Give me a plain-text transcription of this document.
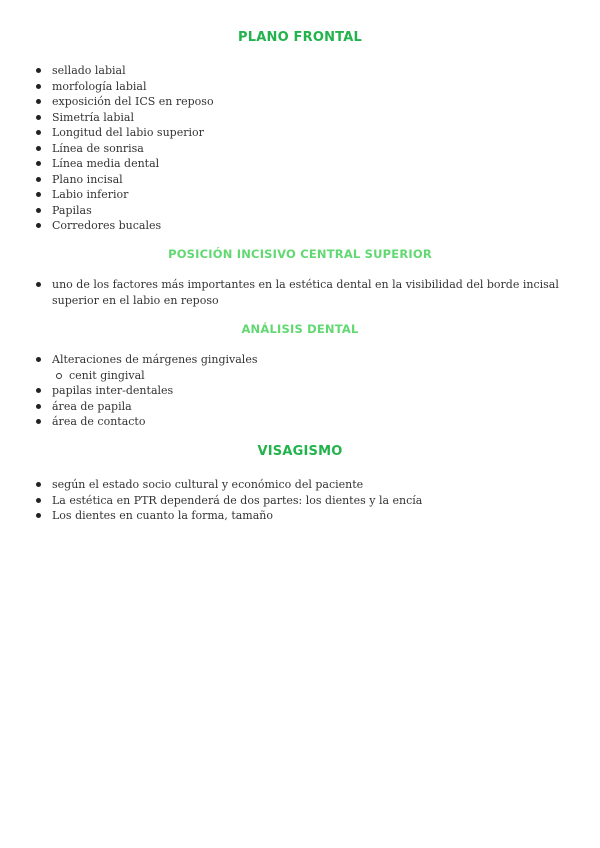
PLANO FRONTAL
sellado labial
morfología labial
exposición del ICS en reposo
Simetría labial
Longitud del labio superior
Línea de sonrisa
Línea media dental
Plano incisal
Labio inferior
Papilas
Corredores bucales
POSICIÓN INCISIVO CENTRAL SUPERIOR
uno de los factores más importantes en la estética dental en la visibilidad del borde incisal superior en el labio en reposo
ANÁLISIS DENTAL
Alteraciones de márgenes gingivales
cenit gingival
papilas inter-dentales
área de papila
área de contacto
VISAGISMO
según el estado socio cultural y económico del paciente
La estética en PTR dependerá de dos partes: los dientes y la encía
Los dientes en cuanto la forma, tamaño
